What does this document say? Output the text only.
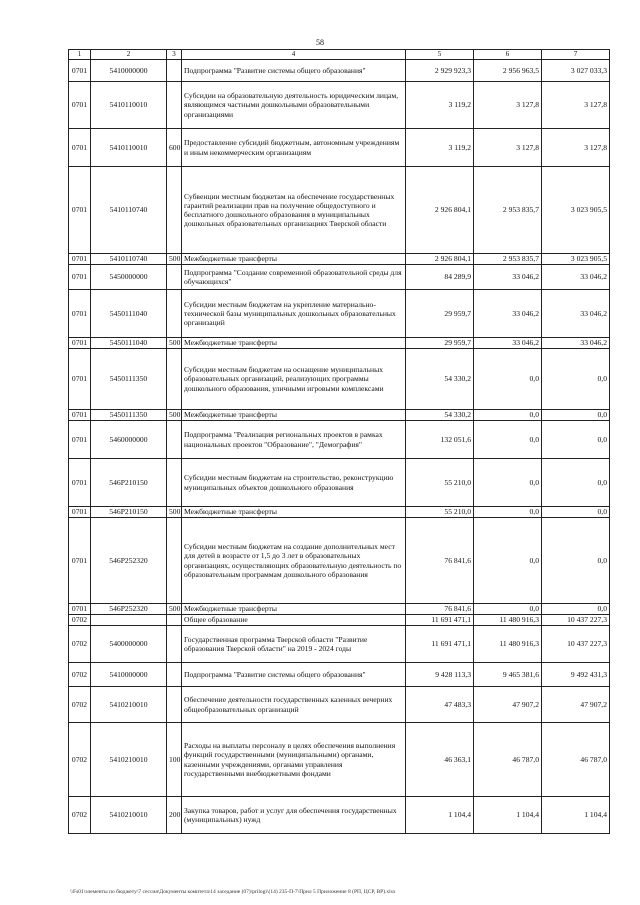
58
1	2	3	4	5	6	7
0701	5410000000		Подпрограмма "Развитие системы общего образования"	2 929 923,3	2 956 963,5	3 027 033,3
0701	5410110010		Субсидии на образовательную деятельность юридическим лицам, являющимся частными дошкольными образовательными организациями	3 119,2	3 127,8	3 127,8
0701	5410110010	600	Предоставление субсидий бюджетным, автономным учреждениям и иным некоммерческим организациям	3 119,2	3 127,8	3 127,8
0701	5410110740		Субвенции местным бюджетам на обеспечение государственных гарантий реализации прав на получение общедоступного и бесплатного дошкольного образования в муниципальных дошкольных образовательных организациях Тверской области	2 926 804,1	2 953 835,7	3 023 905,5
0701	5410110740	500	Межбюджетные трансферты	2 926 804,1	2 953 835,7	3 023 905,5
0701	5450000000		Подпрограмма "Создание современной образовательной среды для обучающихся"	84 289,9	33 046,2	33 046,2
0701	5450111040		Субсидии местным бюджетам на укрепление материально-технической базы муниципальных дошкольных образовательных организаций	29 959,7	33 046,2	33 046,2
0701	5450111040	500	Межбюджетные трансферты	29 959,7	33 046,2	33 046,2
0701	5450111350		Субсидии местным бюджетам на оснащение муниципальных образовательных организаций, реализующих программы дошкольного образования, уличными игровыми комплексами	54 330,2	0,0	0,0
0701	5450111350	500	Межбюджетные трансферты	54 330,2	0,0	0,0
0701	5460000000		Подпрограмма "Реализация региональных проектов в рамках национальных проектов "Образование", "Демография"	132 051,6	0,0	0,0
0701	546P210150		Субсидии местным бюджетам на строительство, реконструкцию муниципальных объектов дошкольного образования	55 210,0	0,0	0,0
0701	546P210150	500	Межбюджетные трансферты	55 210,0	0,0	0,0
0701	546P252320		Субсидии местным бюджетам на создание дополнительных мест для детей в возрасте от 1,5 до 3 лет в образовательных организациях, осуществляющих образовательную деятельность по образовательным программам дошкольного образования	76 841,6	0,0	0,0
0701	546P252320	500	Межбюджетные трансферты	76 841,6	0,0	0,0
0702			Общее образование	11 691 471,1	11 480 916,3	10 437 227,3
0702	5400000000		Государственная программа Тверской области "Развитие образования Тверской области" на 2019 - 2024 годы	11 691 471,1	11 480 916,3	10 437 227,3
0702	5410000000		Подпрограмма "Развитие системы общего образования"	9 428 113,3	9 465 381,6	9 492 431,3
0702	5410210010		Обеспечение деятельности государственных казенных вечерних общеобразовательных организаций	47 483,3	47 907,2	47 907,2
0702	5410210010	100	Расходы на выплаты персоналу в целях обеспечения выполнения функций государственными (муниципальными) органами, казенными учреждениями, органами управления государственными внебюджетными фондами	46 363,1	46 787,0	46 787,0
0702	5410210010	200	Закупка товаров, работ и услуг для обеспечения государственных (муниципальных) нужд	1 104,4	1 104,4	1 104,4
\\Fs01\элементы по бюджету\7 сессия\Документы комитета\14 заседание (07)\prilogi\(14) 235-П-7\Прил 5 Приложение 8 (РП, ЦСР, ВР).xlsx
